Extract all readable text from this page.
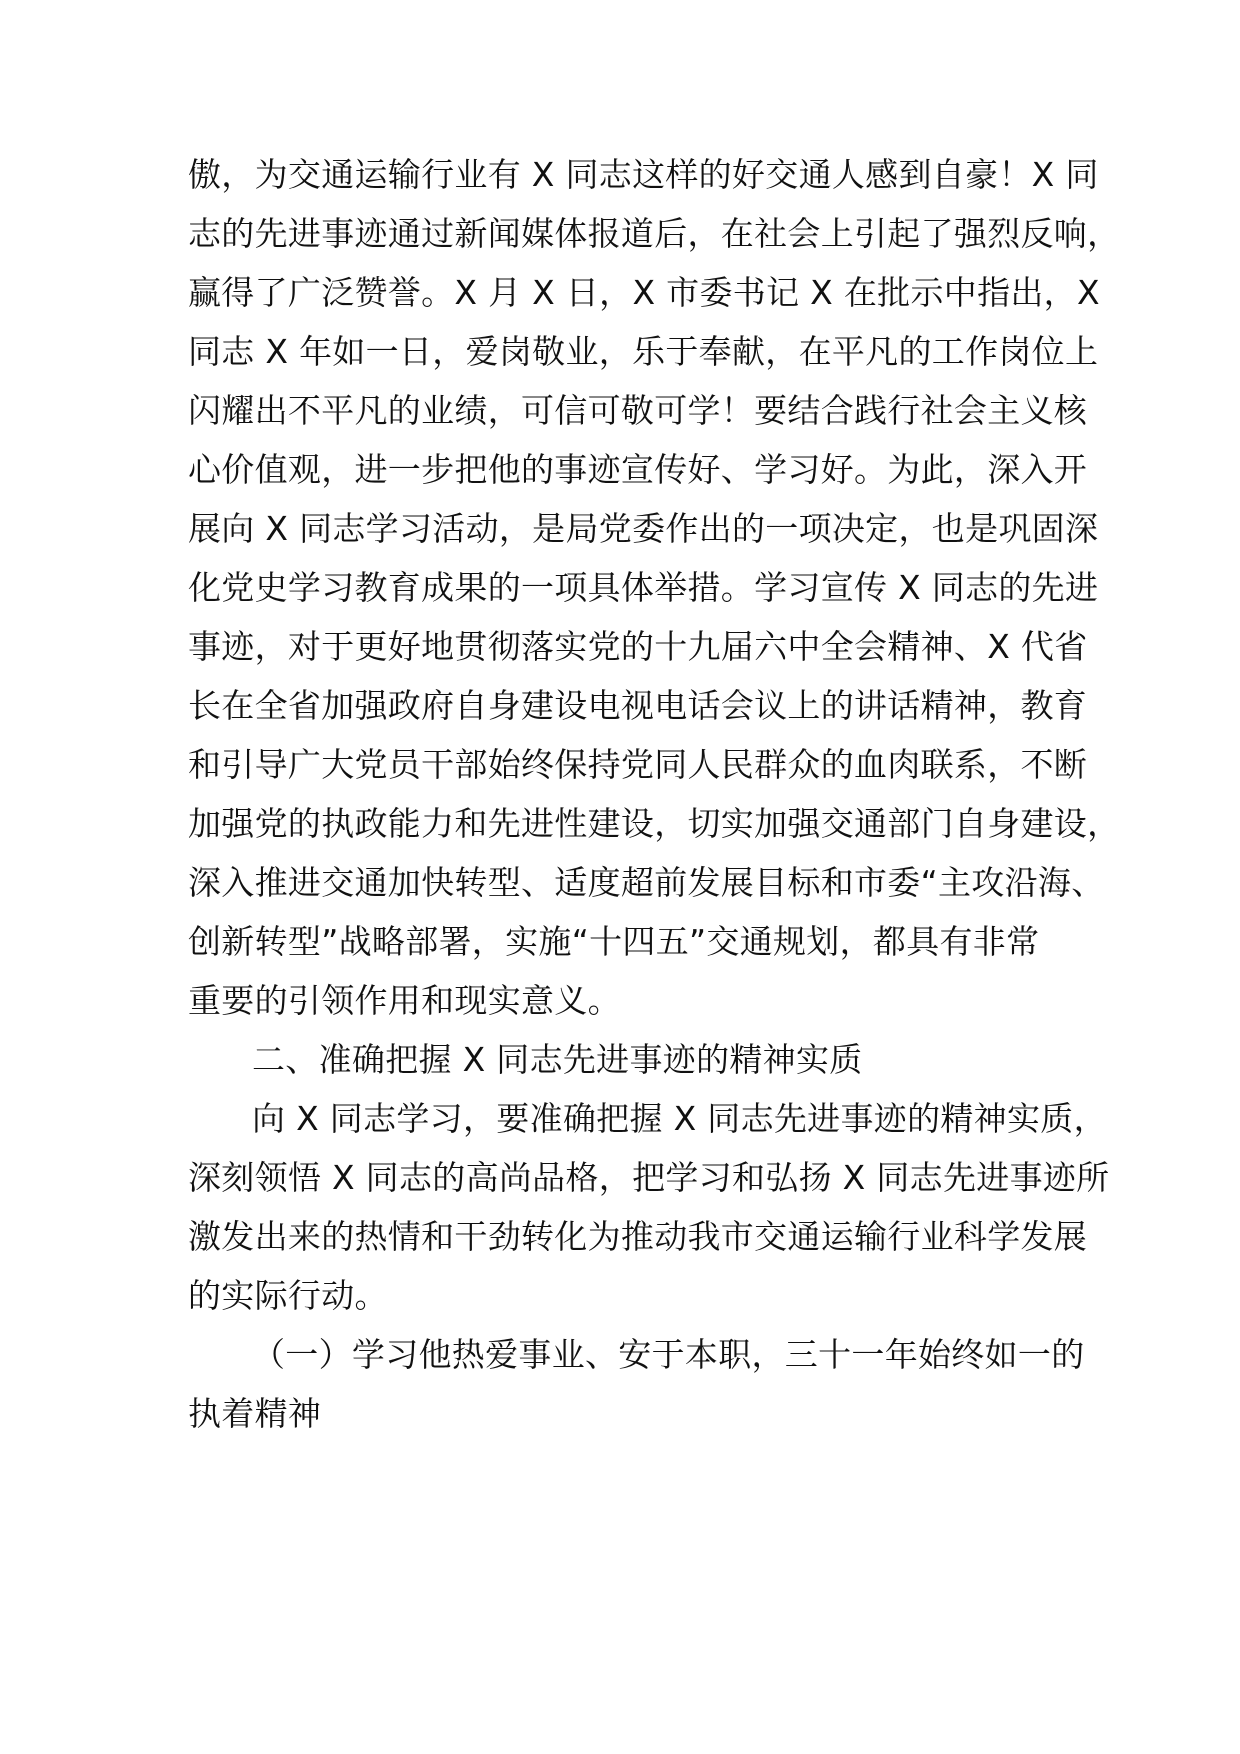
傲，为交通运输行业有 X 同志这样的好交通人感到自豪！X 同
志的先进事迹通过新闻媒体报道后，在社会上引起了强烈反响，
赢得了广泛赞誉。X 月 X 日，X 市委书记 X 在批示中指出，X
同志 X 年如一日，爱岗敬业，乐于奉献，在平凡的工作岗位上
闪耀出不平凡的业绩，可信可敬可学！要结合践行社会主义核
心价值观，进一步把他的事迹宣传好、学习好。为此，深入开
展向 X 同志学习活动，是局党委作出的一项决定，也是巩固深
化党史学习教育成果的一项具体举措。学习宣传 X 同志的先进
事迹，对于更好地贯彻落实党的十九届六中全会精神、X 代省
长在全省加强政府自身建设电视电话会议上的讲话精神，教育
和引导广大党员干部始终保持党同人民群众的血肉联系，不断
加强党的执政能力和先进性建设，切实加强交通部门自身建设，
深入推进交通加快转型、适度超前发展目标和市委“主攻沿海、
创新转型”战略部署，实施“十四五”交通规划，都具有非常
重要的引领作用和现实意义。
二、准确把握 X 同志先进事迹的精神实质
向 X 同志学习，要准确把握 X 同志先进事迹的精神实质，
深刻领悟 X 同志的高尚品格，把学习和弘扬 X 同志先进事迹所
激发出来的热情和干劲转化为推动我市交通运输行业科学发展
的实际行动。
（一）学习他热爱事业、安于本职，三十一年始终如一的
执着精神
